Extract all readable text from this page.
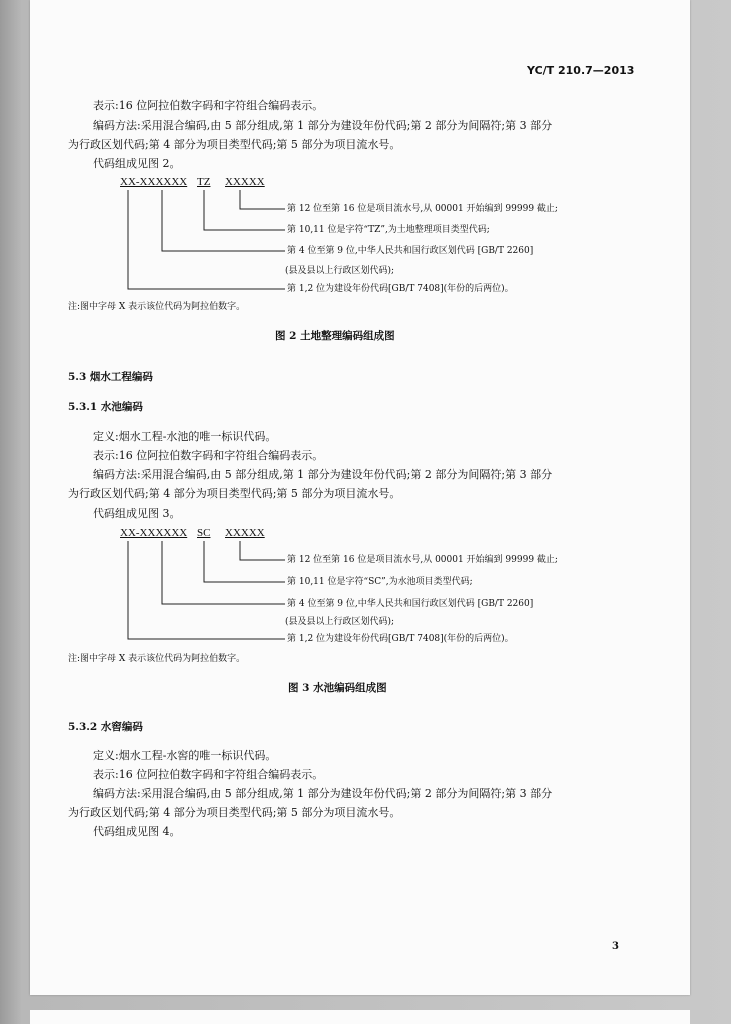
YC/T 210.7—2013
表示:16 位阿拉伯数字码和字符组合编码表示。
编码方法:采用混合编码,由 5 部分组成,第 1 部分为建设年份代码;第 2 部分为间隔符;第 3 部分
为行政区划代码;第 4 部分为项目类型代码;第 5 部分为项目流水号。
代码组成见图 2。
XX-XXXXXX TZ XXXXX
第 12 位至第 16 位是项目流水号,从 00001 开始编到 99999 截止;
第 10,11 位是字符“TZ”,为土地整理项目类型代码;
第 4 位至第 9 位,中华人民共和国行政区划代码 [GB/T 2260]
(县及县以上行政区划代码);
第 1,2 位为建设年份代码[GB/T 7408](年份的后两位)。
注:图中字母 X 表示该位代码为阿拉伯数字。
图 2 土地整理编码组成图
5.3 烟水工程编码
5.3.1 水池编码
定义:烟水工程-水池的唯一标识代码。
表示:16 位阿拉伯数字码和字符组合编码表示。
编码方法:采用混合编码,由 5 部分组成,第 1 部分为建设年份代码;第 2 部分为间隔符;第 3 部分
为行政区划代码;第 4 部分为项目类型代码;第 5 部分为项目流水号。
代码组成见图 3。
XX-XXXXXX SC XXXXX
第 12 位至第 16 位是项目流水号,从 00001 开始编到 99999 截止;
第 10,11 位是字符“SC”,为水池项目类型代码;
第 4 位至第 9 位,中华人民共和国行政区划代码 [GB/T 2260]
(县及县以上行政区划代码);
第 1,2 位为建设年份代码[GB/T 7408](年份的后两位)。
注:图中字母 X 表示该位代码为阿拉伯数字。
图 3 水池编码组成图
5.3.2 水窖编码
定义:烟水工程-水窖的唯一标识代码。
表示:16 位阿拉伯数字码和字符组合编码表示。
编码方法:采用混合编码,由 5 部分组成,第 1 部分为建设年份代码;第 2 部分为间隔符;第 3 部分
为行政区划代码;第 4 部分为项目类型代码;第 5 部分为项目流水号。
代码组成见图 4。
3
